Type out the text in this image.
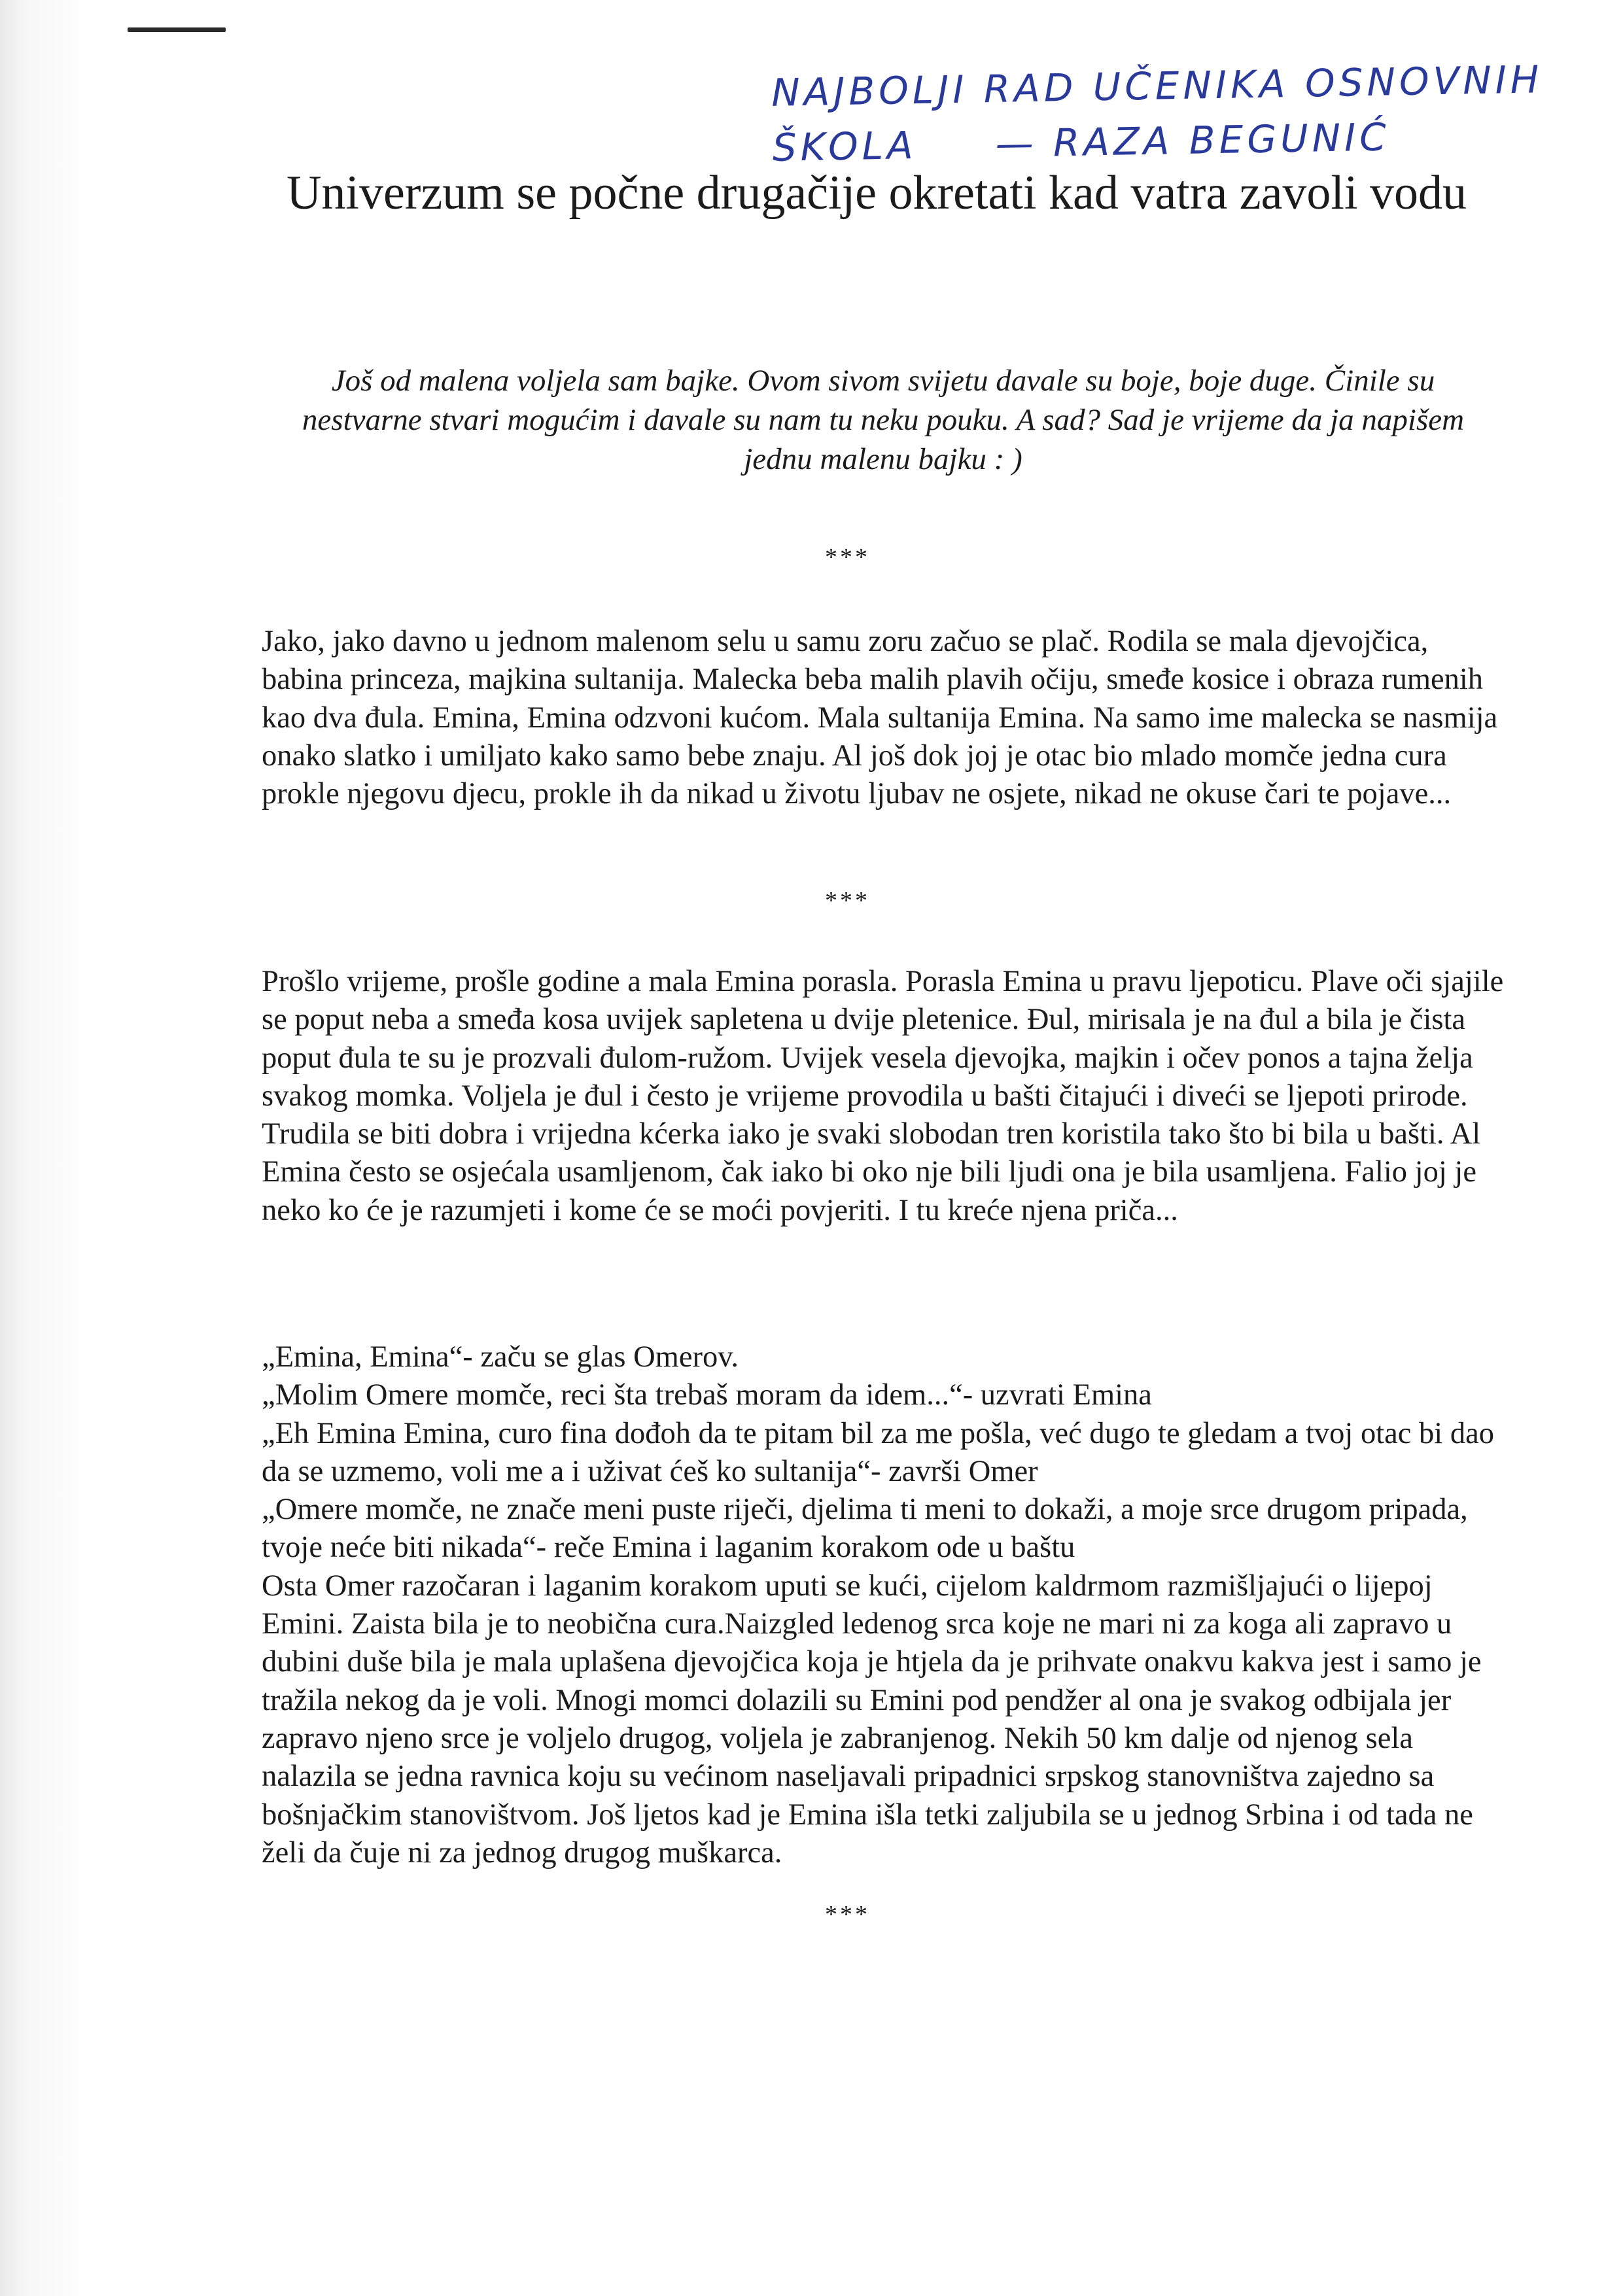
NAJBOLJI RAD UČENIKA OSNOVNIH
ŠKOLA — RAZA BEGUNIĆ
Univerzum se počne drugačije okretati kad vatra zavoli vodu

Još od malena voljela sam bajke. Ovom sivom svijetu davale su boje, boje duge. Činile su nestvarne stvari mogućim i davale su nam tu neku pouku. A sad? Sad je vrijeme da ja napišem jednu malenu bajku : )

***

Jako, jako davno u jednom malenom selu u samu zoru začuo se plač. Rodila se mala djevojčica, babina princeza, majkina sultanija. Malecka beba malih plavih očiju, smeđe kosice i obraza rumenih kao dva đula. Emina, Emina odzvoni kućom. Mala sultanija Emina. Na samo ime malecka se nasmija onako slatko i umiljato kako samo bebe znaju. Al još dok joj je otac bio mlado momče jedna cura prokle njegovu djecu, prokle ih da nikad u životu ljubav ne osjete, nikad ne okuse čari te pojave...

***

Prošlo vrijeme, prošle godine a mala Emina porasla. Porasla Emina u pravu ljepoticu. Plave oči sjajile se poput neba a smeđa kosa uvijek sapletena u dvije pletenice. Đul, mirisala je na đul a bila je čista poput đula te su je prozvali đulom-ružom. Uvijek vesela djevojka, majkin i očev ponos a tajna želja svakog momka. Voljela je đul i često je vrijeme provodila u bašti čitajući i diveći se ljepoti prirode. Trudila se biti dobra i vrijedna kćerka iako je svaki slobodan tren koristila tako što bi bila u bašti. Al Emina često se osjećala usamljenom, čak iako bi oko nje bili ljudi ona je bila usamljena. Falio joj je neko ko će je razumjeti i kome će se moći povjeriti. I tu kreće njena priča...

„Emina, Emina“- začu se glas Omerov.

„Molim Omere momče, reci šta trebaš moram da idem...“- uzvrati Emina

„Eh Emina Emina, curo fina dođoh da te pitam bil za me pošla, već dugo te gledam a tvoj otac bi dao da se uzmemo, voli me a i uživat ćeš ko sultanija“- završi Omer

„Omere momče, ne znače meni puste riječi, djelima ti meni to dokaži, a moje srce drugom pripada, tvoje neće biti nikada“- reče Emina i laganim korakom ode u baštu

Osta Omer razočaran i laganim korakom uputi se kući, cijelom kaldrmom razmišljajući o lijepoj Emini. Zaista bila je to neobična cura.Naizgled ledenog srca koje ne mari ni za koga ali zapravo u dubini duše bila je mala uplašena djevojčica koja je htjela da je prihvate onakvu kakva jest i samo je tražila nekog da je voli. Mnogi momci dolazili su Emini pod pendžer al ona je svakog odbijala jer zapravo njeno srce je voljelo drugog, voljela je zabranjenog. Nekih 50 km dalje od njenog sela nalazila se jedna ravnica koju su većinom naseljavali pripadnici srpskog stanovništva zajedno sa bošnjačkim stanovištvom. Još ljetos kad je Emina išla tetki zaljubila se u jednog Srbina i od tada ne želi da čuje ni za jednog drugog muškarca.

***
